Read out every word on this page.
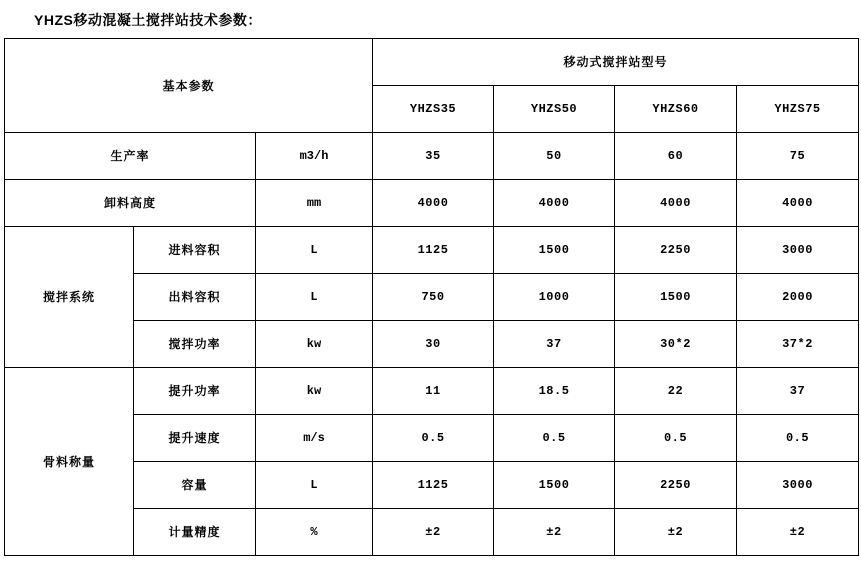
YHZS移动混凝土搅拌站技术参数：
基本参数			移动式搅拌站型号			
			YHZS35	YHZS50	YHZS60	YHZS75
生产率		m3/h	35	50	60	75
卸料高度		mm	4000	4000	4000	4000
搅拌系统	进料容积	L	1125	1500	2250	3000
	出料容积	L	750	1000	1500	2000
	搅拌功率	kw	30	37	30*2	37*2
骨料称量	提升功率	kw	11	18.5	22	37
	提升速度	m/s	0.5	0.5	0.5	0.5
	容量	L	1125	1500	2250	3000
	计量精度	%	±2	±2	±2	±2
